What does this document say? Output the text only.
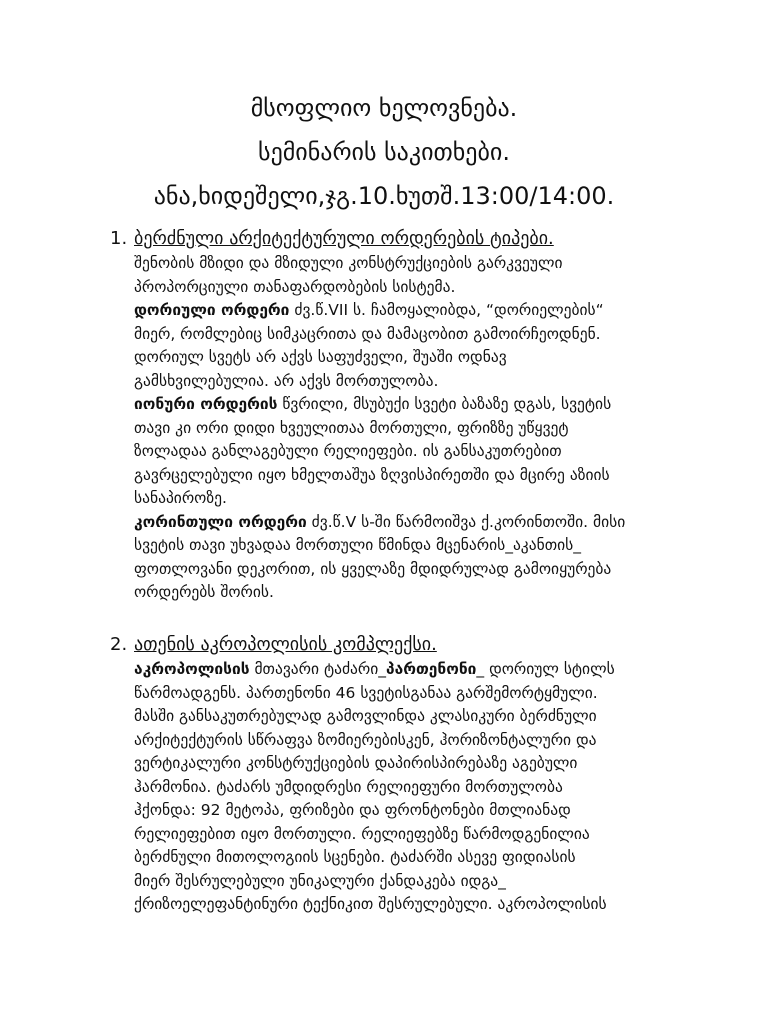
მსოფლიო ხელოვნება.
სემინარის საკითხები.
ანა,ხიდეშელი,ჯგ.10.ხუთშ.13:00/14:00.
1. ბერძნული არქიტექტურული ორდერების ტიპები.
შენობის მზიდი და მზიდული კონსტრუქციების გარკვეული
პროპორციული თანაფარდობების სისტემა.
დორიული ორდერი ძვ.წ.VII ს. ჩამოყალიბდა, “დორიელების“
მიერ, რომლებიც სიმკაცრითა და მამაცობით გამოირჩეოდნენ.
დორიულ სვეტს არ აქვს საფუძველი, შუაში ოდნავ
გამსხვილებულია. არ აქვს მორთულობა.
იონური ორდერის წვრილი, მსუბუქი სვეტი ბაზაზე დგას, სვეტის
თავი კი ორი დიდი ხვეულითაა მორთული, ფრიზზე უწყვეტ
ზოლადაა განლაგებული რელიეფები. ის განსაკუთრებით
გავრცელებული იყო ხმელთაშუა ზღვისპირეთში და მცირე აზიის
სანაპიროზე.
კორინთული ორდერი ძვ.წ.V ს-ში წარმოიშვა ქ.კორინთოში. მისი
სვეტის თავი უხვადაა მორთული წმინდა მცენარის_აკანთის_
ფოთლოვანი დეკორით, ის ყველაზე მდიდრულად გამოიყურება
ორდერებს შორის.
2. ათენის აკროპოლისის კომპლექსი.
აკროპოლისის მთავარი ტაძარი_პართენონი_ დორიულ სტილს
წარმოადგენს. პართენონი 46 სვეტისგანაა გარშემორტყმული.
მასში განსაკუთრებულად გამოვლინდა კლასიკური ბერძნული
არქიტექტურის სწრაფვა ზომიერებისკენ, ჰორიზონტალური და
ვერტიკალური კონსტრუქციების დაპირისპირებაზე აგებული
ჰარმონია. ტაძარს უმდიდრესი რელიეფური მორთულობა
ჰქონდა: 92 მეტოპა, ფრიზები და ფრონტონები მთლიანად
რელიეფებით იყო მორთული. რელიეფებზე წარმოდგენილია
ბერძნული მითოლოგიის სცენები. ტაძარში ასევე ფიდიასის
მიერ შესრულებული უნიკალური ქანდაკება იდგა_
ქრიზოელეფანტინური ტექნიკით შესრულებული. აკროპოლისის
